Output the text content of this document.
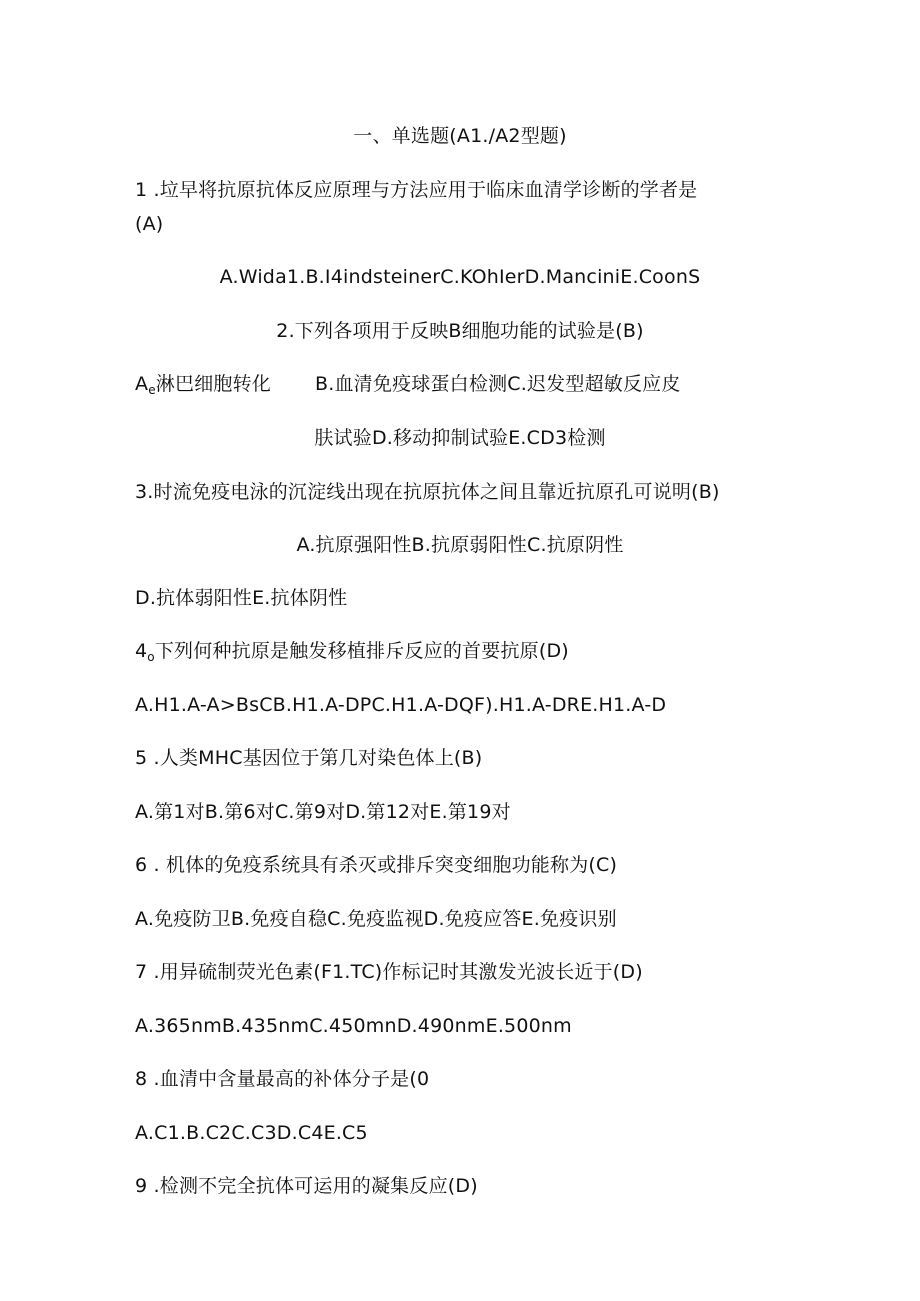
一、单选题(A1./A2型题)
1 .垃早将抗原抗体反应原理与方法应用于临床血清学诊断的学者是
(A)
A.Wida1.B.I4indsteinerC.KOhIerD.ManciniE.CoonS
2.下列各项用于反映B细胞功能的试验是(B)
$A_e$淋巴细胞转化 B.血清免疫球蛋白检测C.迟发型超敏反应皮
肤试验D.移动抑制试验E.CD3检测
3.时流免疫电泳的沉淀线出现在抗原抗体之间且靠近抗原孔可说明(B)
A.抗原强阳性B.抗原弱阳性C.抗原阴性
D.抗体弱阳性E.抗体阴性
$4_o$下列何种抗原是触发移植排斥反应的首要抗原(D)
A.H1.A-A>BsCB.H1.A-DPC.H1.A-DQF).H1.A-DRE.H1.A-D
5 .人类MHC基因位于第几对染色体上(B)
A.第1对B.第6对C.第9对D.第12对E.第19对
6 . 机体的免疫系统具有杀灭或排斥突变细胞功能称为(C)
A.免疫防卫B.免疫自稳C.免疫监视D.免疫应答E.免疫识别
7 .用异硫制荧光色素(F1.TC)作标记时其激发光波长近于(D)
A.365nmB.435nmC.450mnD.490nmE.500nm
8 .血清中含量最高的补体分子是(0
A.C1.B.C2C.C3D.C4E.C5
9 .检测不完全抗体可运用的凝集反应(D)
